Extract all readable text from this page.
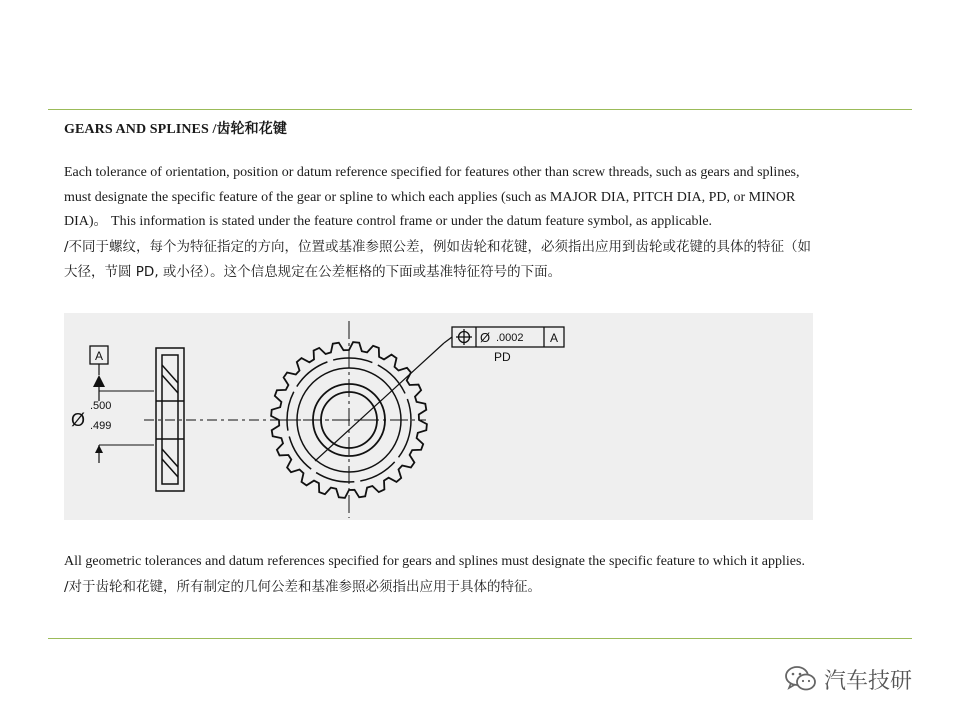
GEARS AND SPLINES /齿轮和花键
Each tolerance of orientation, position or datum reference specified for features other than screw threads, such as gears and splines, must designate the specific feature of the gear or spline to which each applies (such as MAJOR DIA, PITCH DIA, PD, or MINOR DIA)。 This information is stated under the feature control frame or under the datum feature symbol, as applicable.
/不同于螺纹，每个为特征指定的方向，位置或基准参照公差，例如齿轮和花键，必须指出应用到齿轮或花键的具体的特征（如大径，节圆 PD, 或小径）。这个信息规定在公差框格的下面或基准特征符号的下面。
A
Ø
.500
.499
Ø .0002 A
PD
All geometric tolerances and datum references specified for gears and splines must designate the specific feature to which it applies.
/对于齿轮和花键，所有制定的几何公差和基准参照必须指出应用于具体的特征。
汽车技研
